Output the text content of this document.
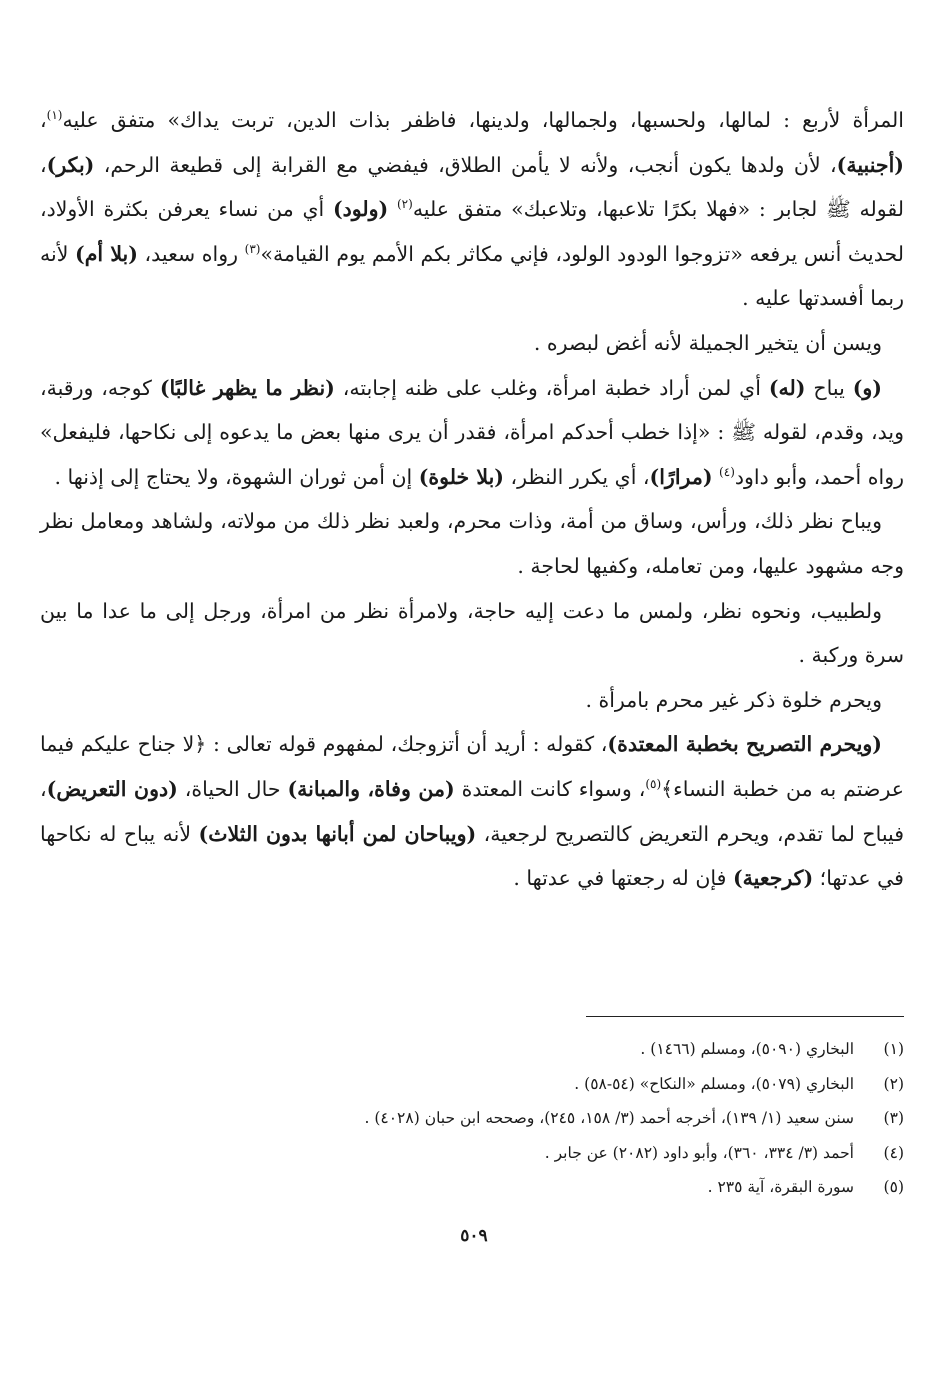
المرأة لأربع : لمالها، ولحسبها، ولجمالها، ولدينها، فاظفر بذات الدين، تربت يداك» متفق عليه$^{(١)}$، (أجنبية)، لأن ولدها يكون أنجب، ولأنه لا يأمن الطلاق، فيفضي مع القرابة إلى قطيعة الرحم، (بكر)، لقوله ﷺ لجابر : «فهلا بكرًا تلاعبها، وتلاعبك» متفق عليه$^{(٢)}$ (ولود) أي من نساء يعرفن بكثرة الأولاد، لحديث أنس يرفعه «تزوجوا الودود الولود، فإني مكاثر بكم الأمم يوم القيامة»$^{(٣)}$ رواه سعيد، (بلا أم) لأنه ربما أفسدتها عليه .

ويسن أن يتخير الجميلة لأنه أغض لبصره .

(و) يباح (له) أي لمن أراد خطبة امرأة، وغلب على ظنه إجابته، (نظر ما يظهر غالبًا) كوجه، ورقبة، ويد، وقدم، لقوله ﷺ : «إذا خطب أحدكم امرأة، فقدر أن يرى منها بعض ما يدعوه إلى نكاحها، فليفعل» رواه أحمد، وأبو داود$^{(٤)}$ (مرارًا)، أي يكرر النظر، (بلا خلوة) إن أمن ثوران الشهوة، ولا يحتاج إلى إذنها .

ويباح نظر ذلك، ورأس، وساق من أمة، وذات محرم، ولعبد نظر ذلك من مولاته، ولشاهد ومعامل نظر وجه مشهود عليها، ومن تعامله، وكفيها لحاجة .

ولطبيب، ونحوه نظر، ولمس ما دعت إليه حاجة، ولامرأة نظر من امرأة، ورجل إلى ما عدا ما بين سرة وركبة .

ويحرم خلوة ذكر غير محرم بامرأة .

(ويحرم التصريح بخطبة المعتدة)، كقوله : أريد أن أتزوجك، لمفهوم قوله تعالى : ﴿لا جناح عليكم فيما عرضتم به من خطبة النساء﴾$^{(٥)}$، وسواء كانت المعتدة (من وفاة، والمبانة) حال الحياة، (دون التعريض)، فيباح لما تقدم، ويحرم التعريض كالتصريح لرجعية، (ويباحان لمن أبانها بدون الثلاث) لأنه يباح له نكاحها في عدتها؛ (كرجعية) فإن له رجعتها في عدتها .

(١)
البخاري (٥٠٩٠)، ومسلم (١٤٦٦) .
(٢)
البخاري (٥٠٧٩)، ومسلم «النكاح» (٥٤-٥٨) .
(٣)
سنن سعيد (١/ ١٣٩)، أخرجه أحمد (٣/ ١٥٨، ٢٤٥)، وصححه ابن حبان (٤٠٢٨) .
(٤)
أحمد (٣/ ٣٣٤، ٣٦٠)، وأبو داود (٢٠٨٢) عن جابر .
(٥)
سورة البقرة، آية ٢٣٥ .
٥٠٩
